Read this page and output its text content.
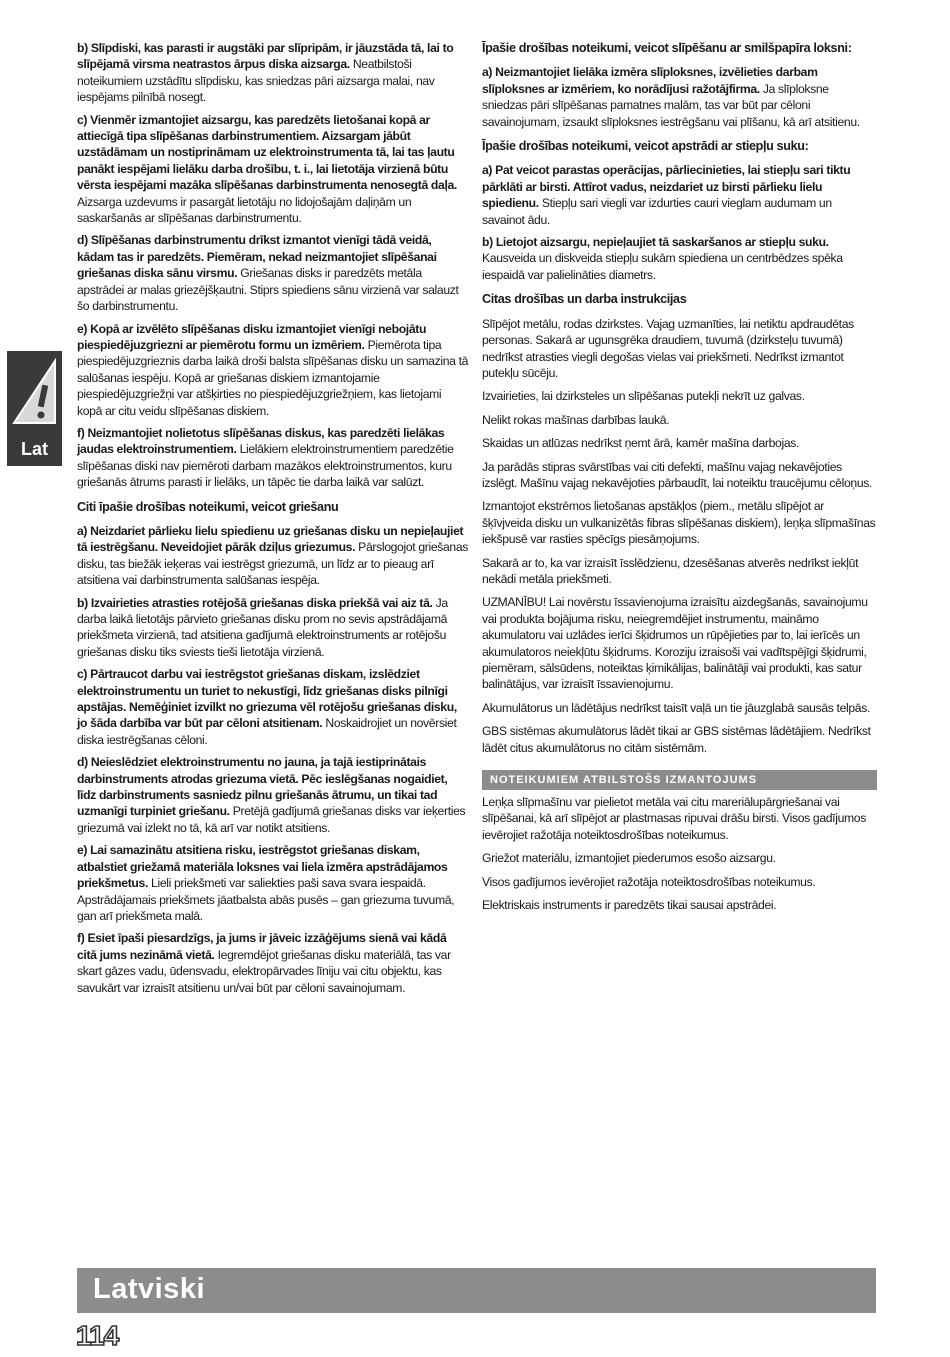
Lat

b) Slīpdiski, kas parasti ir augstāki par slīpripām, ir jāuzstāda tā, lai to slīpējamā virsma neatrastos ārpus diska aizsarga. Neatbilstoši noteikumiem uzstādītu slīpdisku, kas sniedzas pāri aizsarga malai, nav iespējams pilnībā nosegt.

c) Vienmēr izmantojiet aizsargu, kas paredzēts lietošanai kopā ar attiecīgā tipa slīpēšanas darbinstrumentiem. Aizsargam jābūt uzstādāmam un nostiprināmam uz elektroinstrumenta tā, lai tas ļautu panākt iespējami lielāku darba drošību, t. i., lai lietotāja virzienā būtu vērsta iespējami mazāka slīpēšanas darbinstrumenta nenosegtā daļa. Aizsarga uzdevums ir pasargāt lietotāju no lidojošajām daļiņām un saskaršanās ar slīpēšanas darbinstrumentu.

d) Slīpēšanas darbinstrumentu drīkst izmantot vienīgi tādā veidā, kādam tas ir paredzēts. Piemēram, nekad neizmantojiet slīpēšanai griešanas diska sānu virsmu. Griešanas disks ir paredzēts metāla apstrādei ar malas griezējšķautni. Stiprs spiediens sānu virzienā var salauzt šo darbinstrumentu.

e) Kopā ar izvēlēto slīpēšanas disku izmantojiet vienīgi nebojātu piespiedējuzgriezni ar piemērotu formu un izmēriem. Piemērota tipa piespiedējuzgrieznis darba laikā droši balsta slīpēšanas disku un samazina tā salūšanas iespēju. Kopā ar griešanas diskiem izmantojamie piespiedējuzgriežņi var atšķirties no piespiedējuzgriežņiem, kas lietojami kopā ar citu veidu slīpēšanas diskiem.

f) Neizmantojiet nolietotus slīpēšanas diskus, kas paredzēti lielākas jaudas elektroinstrumentiem. Lielākiem elektroinstrumentiem paredzētie slīpēšanas diski nav piemēroti darbam mazākos elektroinstrumentos, kuru griešanās ātrums parasti ir lielāks, un tāpēc tie darba laikā var salūzt.

Citi īpašie drošības noteikumi, veicot griešanu

a) Neizdariet pārlieku lielu spiedienu uz griešanas disku un nepieļaujiet tā iestrēgšanu. Neveidojiet pārāk dziļus griezumus. Pārslogojot griešanas disku, tas biežāk ieķeras vai iestrēgst griezumā, un līdz ar to pieaug arī atsitiena vai darbinstrumenta salūšanas iespēja.

b) Izvairieties atrasties rotējošā griešanas diska priekšā vai aiz tā. Ja darba laikā lietotājs pārvieto griešanas disku prom no sevis apstrādājamā priekšmeta virzienā, tad atsitiena gadījumā elektroinstruments ar rotējošu griešanas disku tiks sviests tieši lietotāja virzienā.

c) Pārtraucot darbu vai iestrēgstot griešanas diskam, izslēdziet elektroinstrumentu un turiet to nekustīgi, līdz griešanas disks pilnīgi apstājas. Nemēģiniet izvilkt no griezuma vēl rotējošu griešanas disku, jo šāda darbība var būt par cēloni atsitienam. Noskaidrojiet un novērsiet diska iestrēgšanas cēloni.

d) Neieslēdziet elektroinstrumentu no jauna, ja tajā iestiprinātais darbinstruments atrodas griezuma vietā. Pēc ieslēgšanas nogaidiet, līdz darbinstruments sasniedz pilnu griešanās ātrumu, un tikai tad uzmanīgi turpiniet griešanu. Pretējā gadījumā griešanas disks var ieķerties griezumā vai izlekt no tā, kā arī var notikt atsitiens.

e) Lai samazinātu atsitiena risku, iestrēgstot griešanas diskam, atbalstiet griežamā materiāla loksnes vai liela izmēra apstrādājamos priekšmetus. Lieli priekšmeti var saliekties paši sava svara iespaidā. Apstrādājamais priekšmets jāatbalsta abās pusēs – gan griezuma tuvumā, gan arī priekšmeta malā.

f) Esiet īpaši piesardzīgs, ja jums ir jāveic izzāģējums sienā vai kādā citā jums nezināmā vietā. Iegremdējot griešanas disku materiālā, tas var skart gāzes vadu, ūdensvadu, elektropārvades līniju vai citu objektu, kas savukārt var izraisīt atsitienu un/vai būt par cēloni savainojumam.

Īpašie drošības noteikumi, veicot slīpēšanu ar smilšpapīra loksni:

a) Neizmantojiet lielāka izmēra slīploksnes, izvēlieties darbam slīploksnes ar izmēriem, ko norādījusi ražotājfirma. Ja slīploksne sniedzas pāri slīpēšanas pamatnes malām, tas var būt par cēloni savainojumam, izsaukt slīploksnes iestrēgšanu vai plīšanu, kā arī atsitienu.

Īpašie drošības noteikumi, veicot apstrādi ar stiepļu suku:

a) Pat veicot parastas operācijas, pārliecinieties, lai stiepļu sari tiktu pārklāti ar birsti. Attīrot vadus, neizdariet uz birsti pārlieku lielu spiedienu. Stiepļu sari viegli var izdurties cauri vieglam audumam un savainot ādu.

b) Lietojot aizsargu, nepieļaujiet tā saskaršanos ar stiepļu suku. Kausveida un diskveida stiepļu sukām spiediena un centrbēdzes spēka iespaidā var palielināties diametrs.

Citas drošības un darba instrukcijas

Slīpējot metālu, rodas dzirkstes. Vajag uzmanīties, lai netiktu apdraudētas personas. Sakarā ar ugunsgrēka draudiem, tuvumā (dzirksteļu tuvumā) nedrīkst atrasties viegli degošas vielas vai priekšmeti. Nedrīkst izmantot putekļu sūcēju.

Izvairieties, lai dzirksteles un slīpēšanas putekļi nekrīt uz galvas.

Nelikt rokas mašīnas darbības laukā.

Skaidas un atlūzas nedrīkst ņemt ārā, kamēr mašīna darbojas.

Ja parādās stipras svārstības vai citi defekti, mašīnu vajag nekavējoties izslēgt. Mašīnu vajag nekavējoties pārbaudīt, lai noteiktu traucējumu cēloņus.

Izmantojot ekstrēmos lietošanas apstākļos (piem., metālu slīpējot ar šķīvjveida disku un vulkanizētās fibras slīpēšanas diskiem), leņķa slīpmašīnas iekšpusē var rasties spēcīgs piesārņojums.

Sakarā ar to, ka var izraisīt īsslēdzienu, dzesēšanas atverēs nedrīkst iekļūt nekādi metāla priekšmeti.

UZMANĪBU! Lai novērstu īssavienojuma izraisītu aizdegšanās, savainojumu vai produkta bojājuma risku, neiegremdējiet instrumentu, maināmo akumulatoru vai uzlādes ierīci šķidrumos un rūpējieties par to, lai ierīcēs un akumulatoros neiekļūtu šķidrums. Koroziju izraisoši vai vadītspējīgi šķidrumi, piemēram, sālsūdens, noteiktas ķimikālijas, balinātāji vai produkti, kas satur balinātājus, var izraisīt īssavienojumu.

Akumulātorus un lādētājus nedrīkst taisīt vaļā un tie jāuzglabā sausās telpās.

GBS sistēmas akumulātorus lādēt tikai ar GBS sistēmas lādētājiem. Nedrīkst lādēt citus akumulātorus no citām sistēmām.

NOTEIKUMIEM ATBILSTOŠS IZMANTOJUMS

Leņķa slīpmašīnu var pielietot metāla vai citu mareriālupārgriešanai vai slīpēšanai, kā arī slīpējot ar plastmasas ripuvai drāšu birsti. Visos gadījumos ievērojiet ražotāja noteiktosdrošības noteikumus.

Griežot materiālu, izmantojiet piederumos esošo aizsargu.

Visos gadījumos ievērojiet ražotāja noteiktosdrošības noteikumus.

Elektriskais instruments ir paredzēts tikai sausai apstrādei.

Latviski
114
